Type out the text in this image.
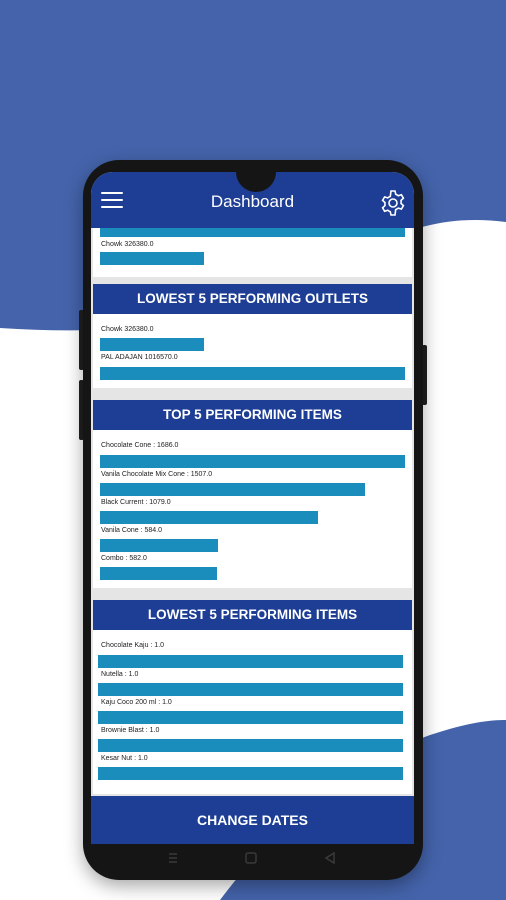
Dashboard
Chowk 326380.0
LOWEST 5 PERFORMING OUTLETS
Chowk 326380.0
PAL ADAJAN 1016570.0
TOP 5 PERFORMING ITEMS
Chocolate Cone : 1686.0
Vanila Chocolate Mix Cone : 1507.0
Black Current : 1079.0
Vanila Cone : 584.0
Combo : 582.0
LOWEST 5 PERFORMING ITEMS
Chocolate Kaju : 1.0
Nutella : 1.0
Kaju Coco 200 ml : 1.0
Brownie Blast : 1.0
Kesar Nut : 1.0
CHANGE DATES
